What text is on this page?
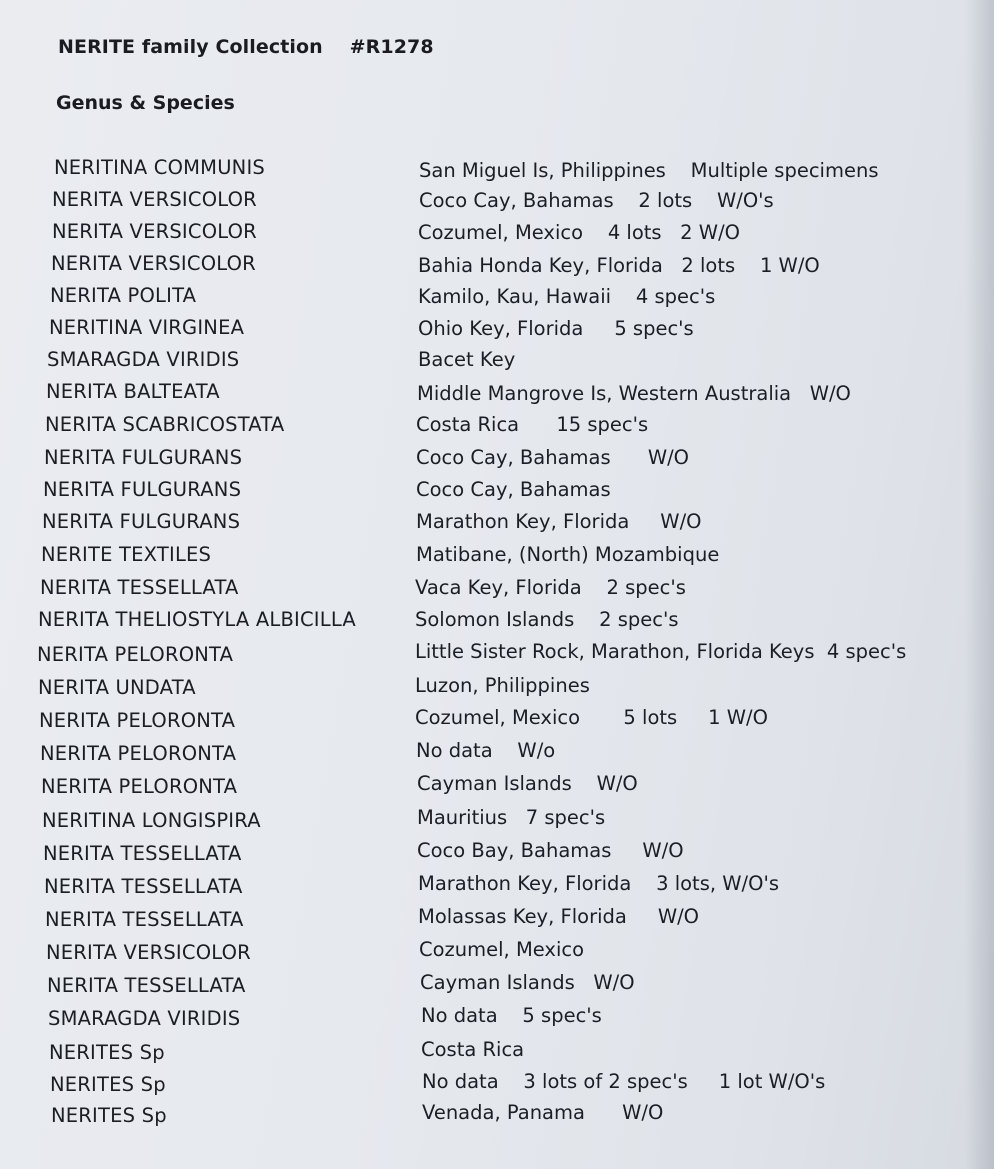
NERITE family Collection    #R1278
Genus & Species
NERITINA COMMUNIS	San Miguel Is, Philippines    Multiple specimens
NERITA VERSICOLOR	Coco Cay, Bahamas    2 lots    W/O's
NERITA VERSICOLOR	Cozumel, Mexico    4 lots   2 W/O
NERITA VERSICOLOR	Bahia Honda Key, Florida   2 lots    1 W/O
NERITA POLITA	Kamilo, Kau, Hawaii    4 spec's
NERITINA VIRGINEA	Ohio Key, Florida     5 spec's
SMARAGDA VIRIDIS	Bacet Key
NERITA BALTEATA	Middle Mangrove Is, Western Australia   W/O
NERITA SCABRICOSTATA	Costa Rica      15 spec's
NERITA FULGURANS	Coco Cay, Bahamas      W/O
NERITA FULGURANS	Coco Cay, Bahamas
NERITA FULGURANS	Marathon Key, Florida     W/O
NERITE TEXTILES	Matibane, (North) Mozambique
NERITA TESSELLATA	Vaca Key, Florida    2 spec's
NERITA THELIOSTYLA ALBICILLA	Solomon Islands    2 spec's
NERITA PELORONTA	Little Sister Rock, Marathon, Florida Keys  4 spec's
NERITA UNDATA	Luzon, Philippines
NERITA PELORONTA	Cozumel, Mexico       5 lots     1 W/O
NERITA PELORONTA	No data    W/o
NERITA PELORONTA	Cayman Islands    W/O
NERITINA LONGISPIRA	Mauritius   7 spec's
NERITA TESSELLATA	Coco Bay, Bahamas     W/O
NERITA TESSELLATA	Marathon Key, Florida    3 lots, W/O's
NERITA TESSELLATA	Molassas Key, Florida     W/O
NERITA VERSICOLOR	Cozumel, Mexico
NERITA TESSELLATA	Cayman Islands   W/O
SMARAGDA VIRIDIS	No data    5 spec's
NERITES Sp	Costa Rica
NERITES Sp	No data    3 lots of 2 spec's     1 lot W/O's
NERITES Sp	Venada, Panama      W/O
